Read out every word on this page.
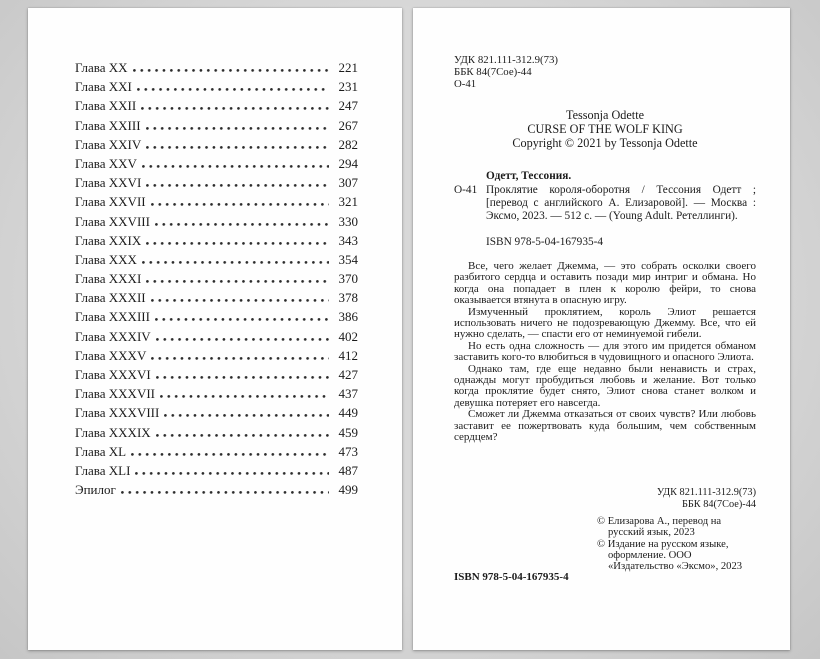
Глава XX	221
Глава XXI	231
Глава XXII	247
Глава XXIII	267
Глава XXIV	282
Глава XXV	294
Глава XXVI	307
Глава XXVII	321
Глава XXVIII	330
Глава XXIX	343
Глава XXX	354
Глава XXXI	370
Глава XXXII	378
Глава XXXIII	386
Глава XXXIV	402
Глава XXXV	412
Глава XXXVI	427
Глава XXXVII	437
Глава XXXVIII	449
Глава XXXIX	459
Глава XL	473
Глава XLI	487
Эпилог	499
УДК 821.111-312.9(73)
ББК 84(7Сое)-44
О-41
Tessonja Odette
CURSE OF THE WOLF KING
Copyright © 2021 by Tessonja Odette
Одетт, Тессония.
О-41 Проклятие короля-оборотня / Тессония Одетт ; [перевод с английского А. Елизаровой]. — Москва : Эксмо, 2023. — 512 с. — (Young Adult. Ретеллинги).
ISBN 978-5-04-167935-4

Все, чего желает Джемма, — это собрать осколки своего разбитого сердца и оставить позади мир интриг и обмана. Но когда она попадает в плен к королю фейри, то снова оказывается втянута в опасную игру.

Измученный проклятием, король Элиот решается использовать ничего не подозревающую Джемму. Все, что ей нужно сделать, — спасти его от неминуемой гибели.

Но есть одна сложность — для этого им придется обманом заставить кого-то влюбиться в чудовищного и опасного Элиота.

Однако там, где еще недавно были ненависть и страх, однажды могут пробудиться любовь и желание. Вот только когда проклятие будет снято, Элиот снова станет волком и девушка потеряет его навсегда.

Сможет ли Джемма отказаться от своих чувств? Или любовь заставит ее пожертвовать куда большим, чем собственным сердцем?

УДК 821.111-312.9(73)
ББК 84(7Сое)-44

© Елизарова А., перевод на русский язык, 2023

© Издание на русском языке, оформление. ООО «Издательство «Эксмо», 2023

ISBN 978-5-04-167935-4
